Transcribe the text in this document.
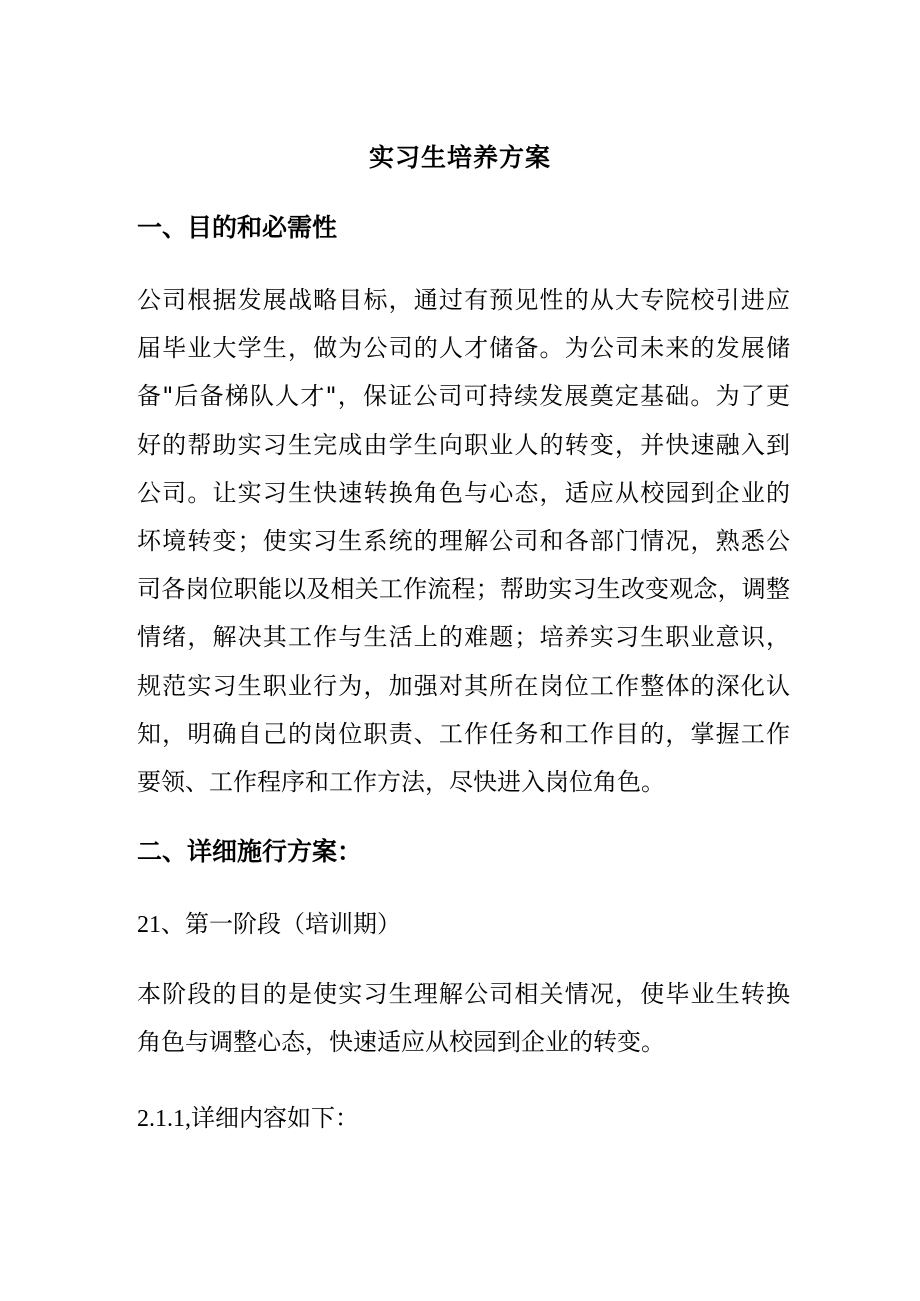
实习生培养方案
一、目的和必需性
公司根据发展战略目标，通过有预见性的从大专院校引进应
届毕业大学生，做为公司的人才储备。为公司未来的发展储
备"后备梯队人才"，保证公司可持续发展奠定基础。为了更
好的帮助实习生完成由学生向职业人的转变，并快速融入到
公司。让实习生快速转换角色与心态，适应从校园到企业的
坏境转变；使实习生系统的理解公司和各部门情况，熟悉公
司各岗位职能以及相关工作流程；帮助实习生改变观念，调整
情绪，解决其工作与生活上的难题；培养实习生职业意识，
规范实习生职业行为，加强对其所在岗位工作整体的深化认
知，明确自己的岗位职责、工作任务和工作目的，掌握工作
要领、工作程序和工作方法，尽快进入岗位角色。
二、详细施行方案：
21、第一阶段（培训期）
本阶段的目的是使实习生理解公司相关情况，使毕业生转换
角色与调整心态，快速适应从校园到企业的转变。
2.1.1,详细内容如下：
